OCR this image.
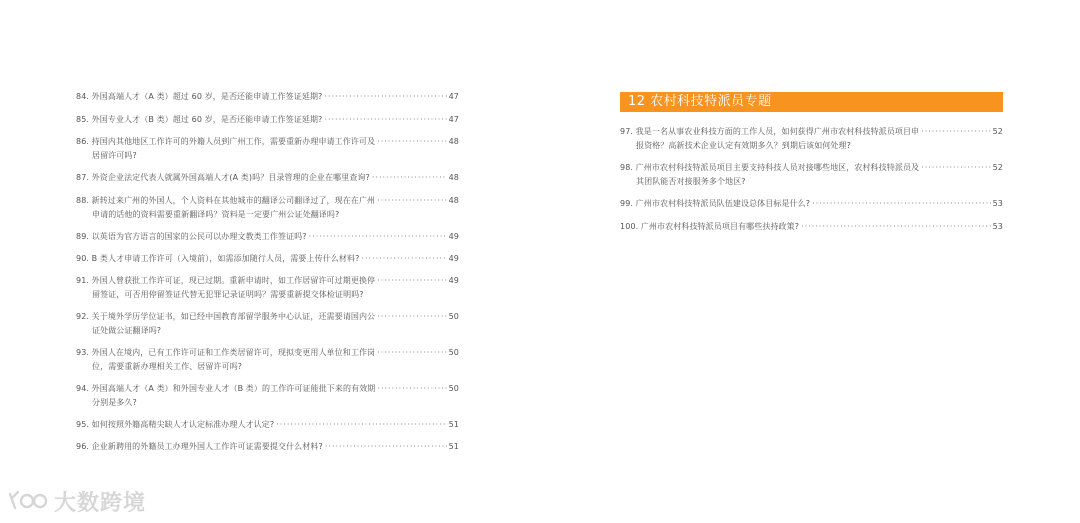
84. 外国高端人才（A 类）超过 60 岁，是否还能申请工作签证延期? ·····	47
85. 外国专业人才（B 类）超过 60 岁，是否还能申请工作签证延期? ·····	47
86. 持国内其他地区工作许可的外籍人员到广州工作，需要重新办理申请工作许可及 ·····	48
居留许可吗?
87. 外资企业法定代表人就属外国高端人才(A 类)吗？目录管理的企业在哪里查询? ·····	48
88. 新转过来广州的外国人，个人资料在其他城市的翻译公司翻译过了，现在在广州 ·····	48
申请的话他的资料需要重新翻译吗？资料是一定要广州公证处翻译吗?
89. 以英语为官方语言的国家的公民可以办理文教类工作签证吗? ·····	49
90. B 类人才申请工作许可（入境前），如需添加随行人员，需要上传什么材料? ·····	49
91. 外国人曾获批工作许可证，现已过期。重新申请时，如工作居留许可过期更换停 ·····	49
留签证，可否用停留签证代替无犯罪记录证明吗？需要重新提交体检证明吗?
92. 关于境外学历学位证书，如已经中国教育部留学服务中心认证，还需要请国内公 ·····	50
证处做公证翻译吗?
93. 外国人在境内，已有工作许可证和工作类居留许可，现拟变更用人单位和工作岗 ·····	50
位，需要重新办理相关工作、居留许可吗?
94. 外国高端人才（A 类）和外国专业人才（B 类）的工作许可证能批下来的有效期 ·····	50
分别是多久?
95. 如何按照外籍高精尖缺人才认定标准办理人才认定? ·····	51
96. 企业新聘用的外籍员工办理外国人工作许可证需要提交什么材料? ·····	51
12 农村科技特派员专题
97. 我是一名从事农业科技方面的工作人员，如何获得广州市农村科技特派员项目申 ·····	52
报资格？高新技术企业认定有效期多久？到期后该如何处理?
98. 广州市农村科技特派员项目主要支持科技人员对接哪些地区，农村科技特派员及 ·····	52
其团队能否对接服务多个地区?
99. 广州市农村科技特派员队伍建设总体目标是什么? ·····	53
100. 广州市农村科技特派员项目有哪些扶持政策? ·····	53
大数跨境
